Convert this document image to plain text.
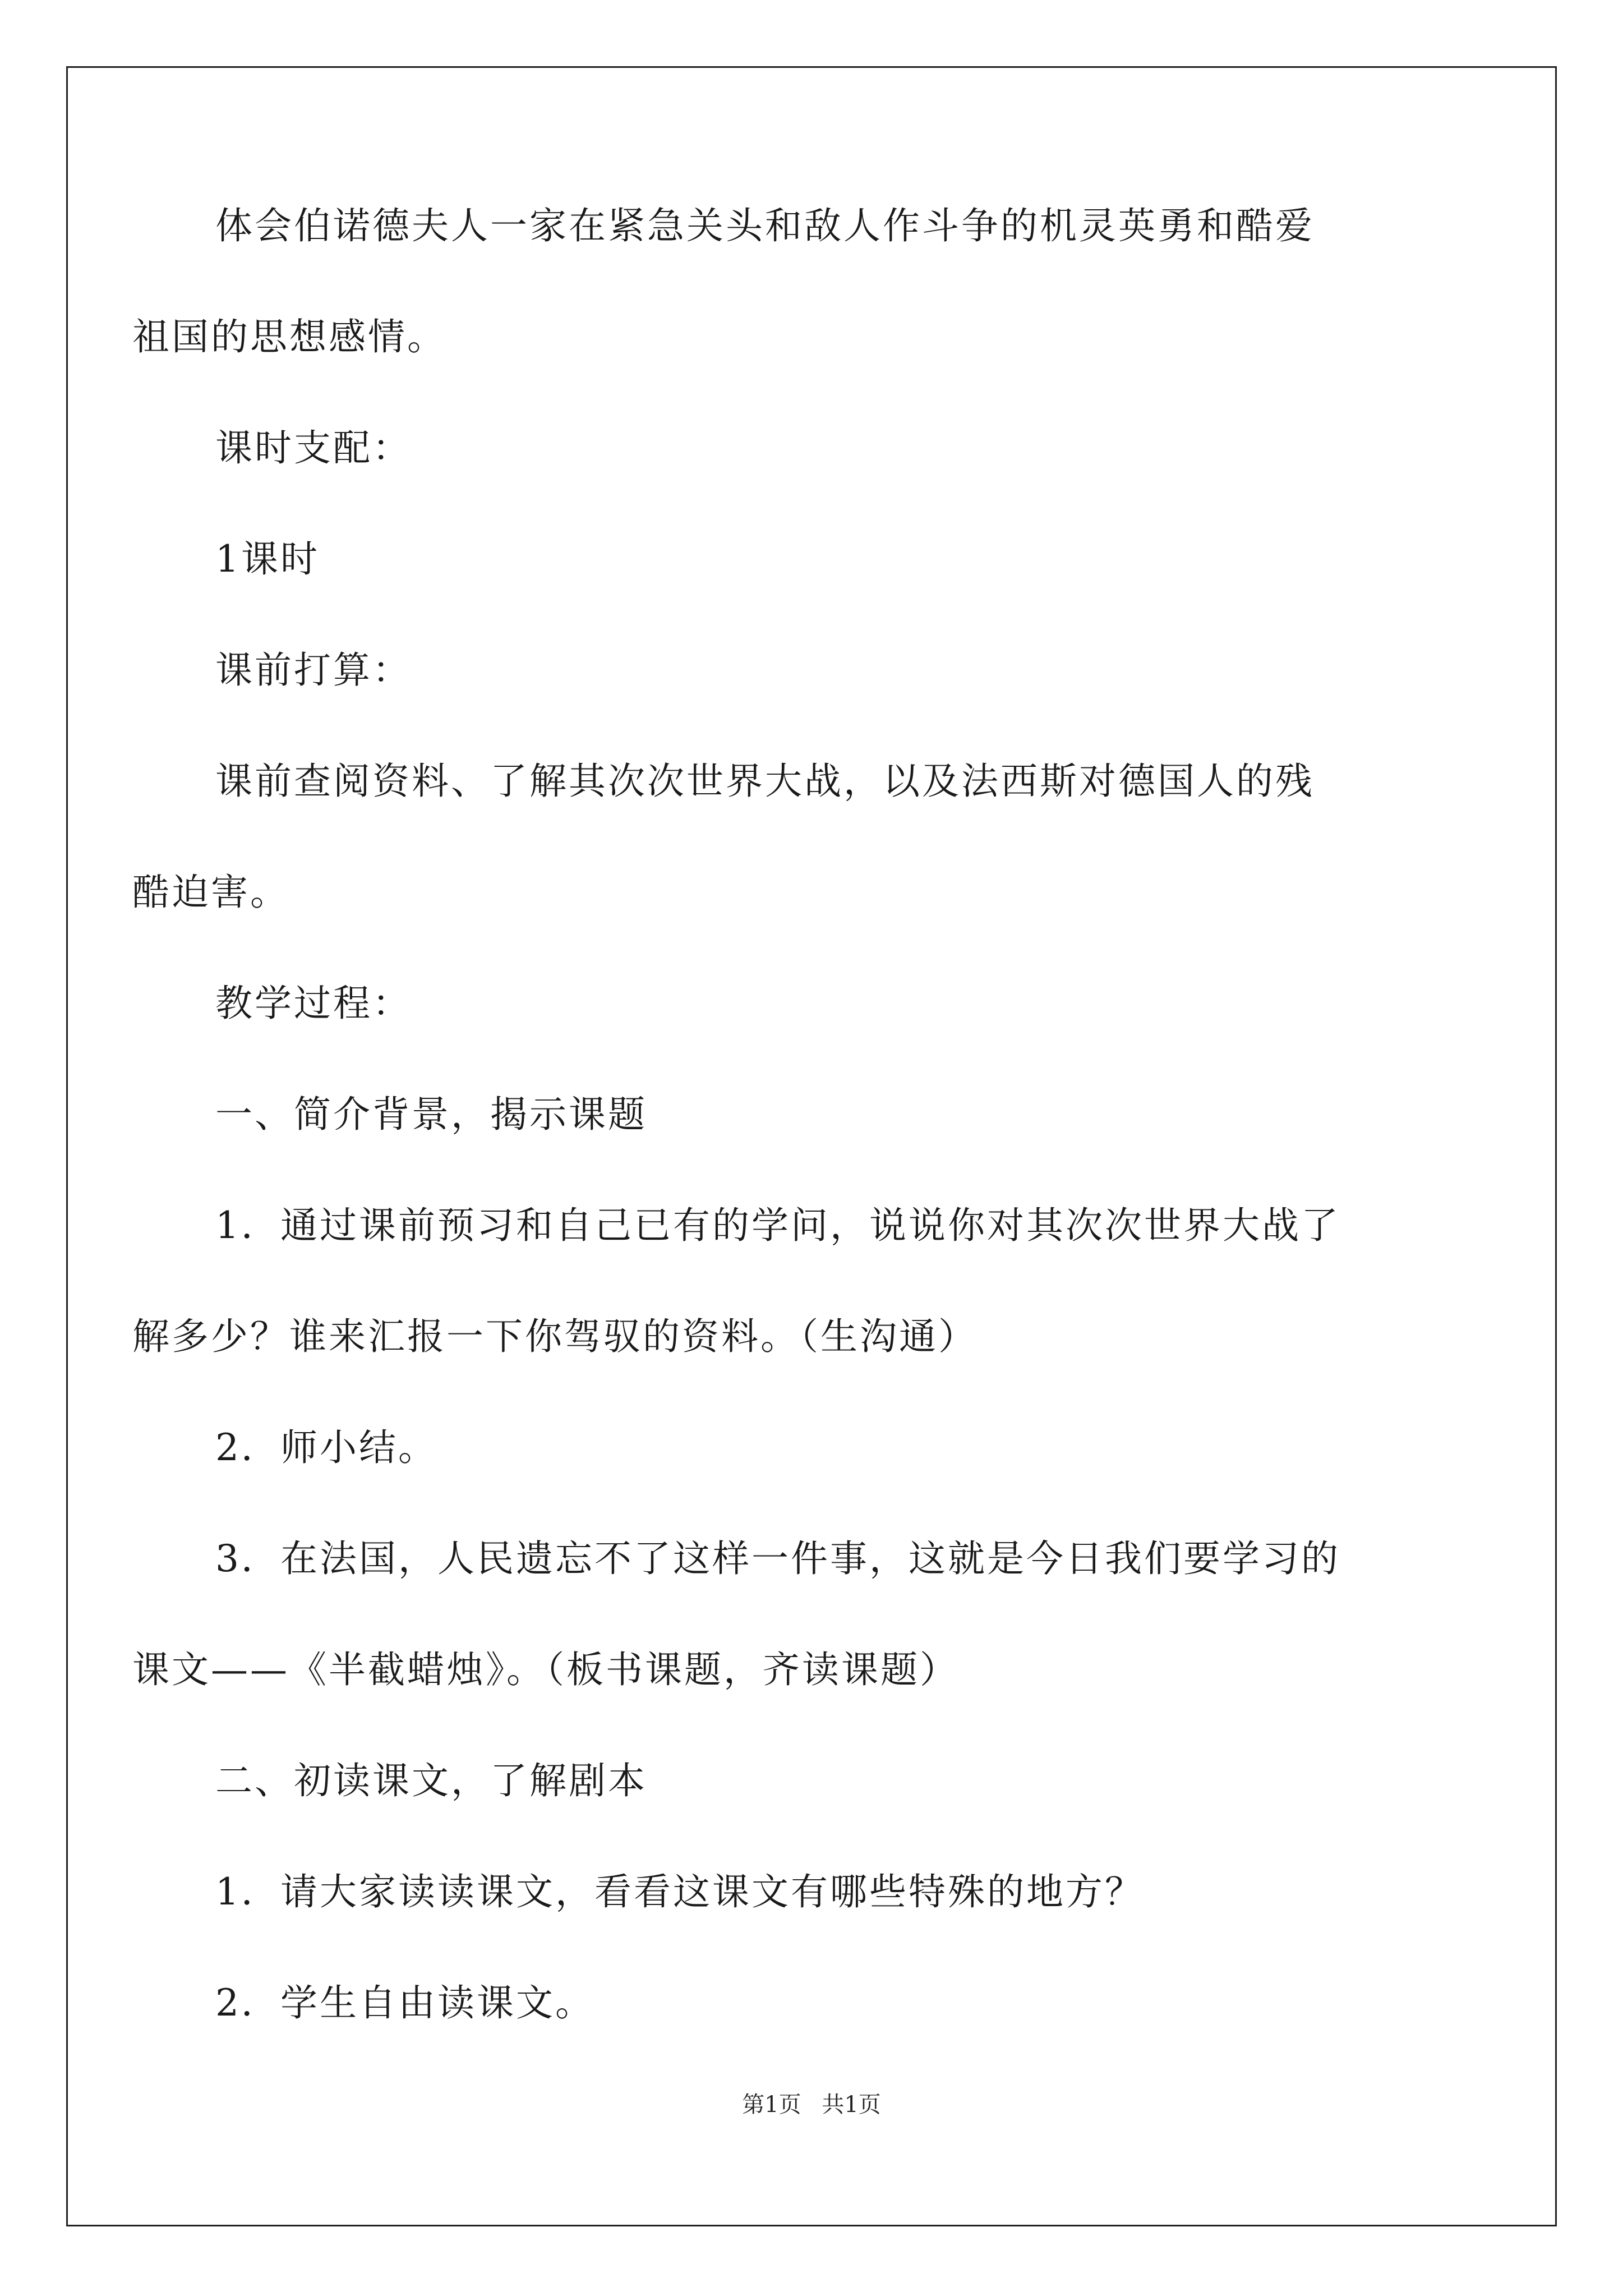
体会伯诺德夫人一家在紧急关头和敌人作斗争的机灵英勇和酷爱
祖国的思想感情。
课时支配：
1课时
课前打算：
课前查阅资料、了解其次次世界大战，以及法西斯对德国人的残
酷迫害。
教学过程：
一、简介背景，揭示课题
1．通过课前预习和自己已有的学问，说说你对其次次世界大战了
解多少？谁来汇报一下你驾驭的资料。（生沟通）
2．师小结。
3．在法国，人民遗忘不了这样一件事，这就是今日我们要学习的
课文——《半截蜡烛》。（板书课题，齐读课题）
二、初读课文，了解剧本
1．请大家读读课文，看看这课文有哪些特殊的地方？
2．学生自由读课文。
第1页 共1页
